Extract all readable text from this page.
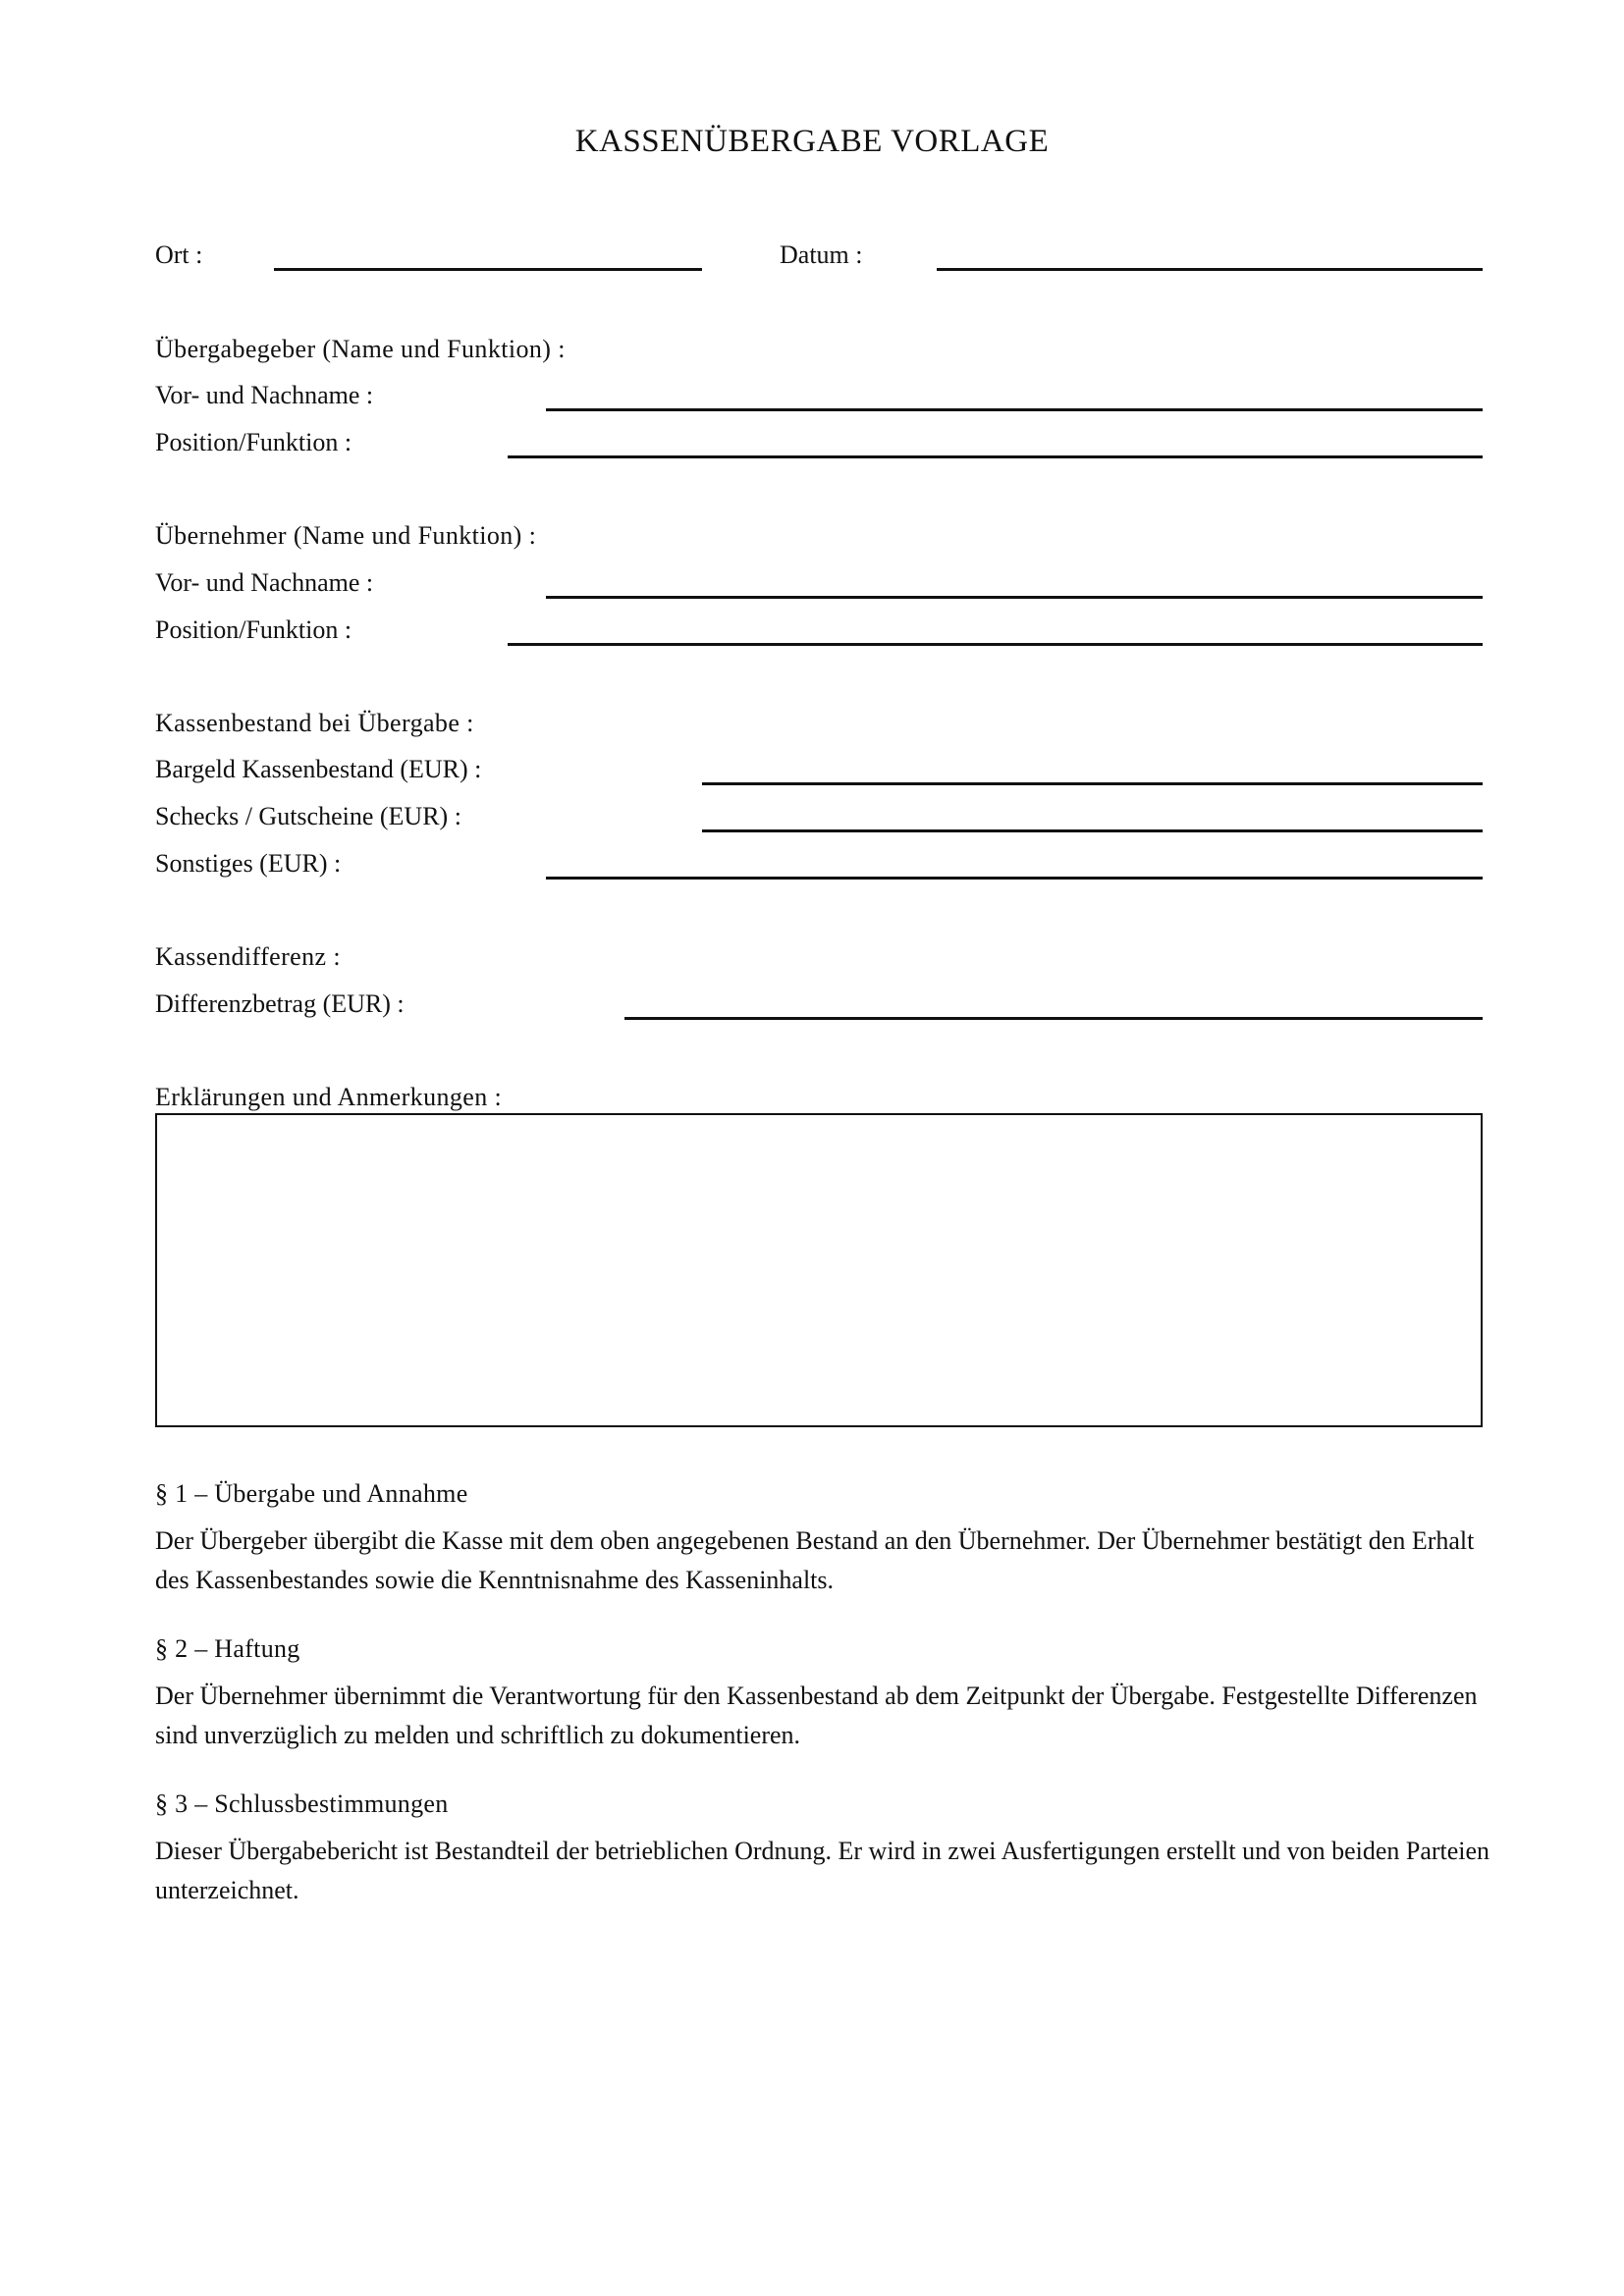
KASSENÜBERGABE VORLAGE
Ort :	Datum :
Übergabegeber (Name und Funktion) :
Vor- und Nachname :
Position/Funktion :
Übernehmer (Name und Funktion) :
Vor- und Nachname :
Position/Funktion :
Kassenbestand bei Übergabe :
Bargeld Kassenbestand (EUR) :
Schecks / Gutscheine (EUR) :
Sonstiges (EUR) :
Kassendifferenz :
Differenzbetrag (EUR) :
Erklärungen und Anmerkungen :
§ 1 – Übergabe und Annahme
Der Übergeber übergibt die Kasse mit dem oben angegebenen Bestand an den Übernehmer. Der Übernehmer bestätigt den Erhalt des Kassenbestandes sowie die Kenntnisnahme des Kasseninhalts.
§ 2 – Haftung
Der Übernehmer übernimmt die Verantwortung für den Kassenbestand ab dem Zeitpunkt der Übergabe. Festgestellte Differenzen sind unverzüglich zu melden und schriftlich zu dokumentieren.
§ 3 – Schlussbestimmungen
Dieser Übergabebericht ist Bestandteil der betrieblichen Ordnung. Er wird in zwei Ausfertigungen erstellt und von beiden Parteien unterzeichnet.
